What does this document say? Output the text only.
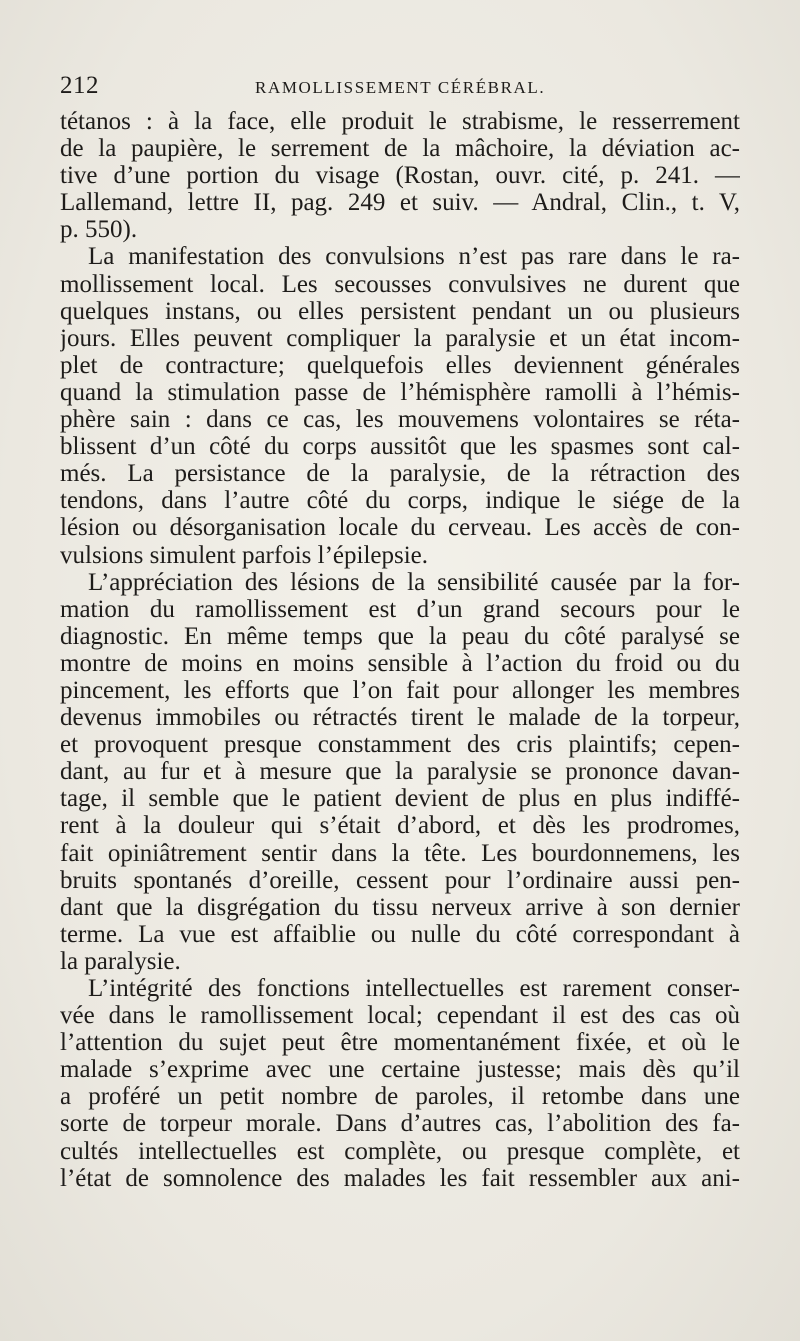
212	RAMOLLISSEMENT CÉRÉBRAL.
tétanos : à la face, elle produit le strabisme, le resserrement
de la paupière, le serrement de la mâchoire, la déviation ac-
tive d’une portion du visage (Rostan, ouvr. cité, p. 241. —
Lallemand, lettre II, pag. 249 et suiv. — Andral, Clin., t. V,
p. 550).
La manifestation des convulsions n’est pas rare dans le ra-
mollissement local. Les secousses convulsives ne durent que
quelques instans, ou elles persistent pendant un ou plusieurs
jours. Elles peuvent compliquer la paralysie et un état incom-
plet de contracture; quelquefois elles deviennent générales
quand la stimulation passe de l’hémisphère ramolli à l’hémis-
phère sain : dans ce cas, les mouvemens volontaires se réta-
blissent d’un côté du corps aussitôt que les spasmes sont cal-
més. La persistance de la paralysie, de la rétraction des
tendons, dans l’autre côté du corps, indique le siége de la
lésion ou désorganisation locale du cerveau. Les accès de con-
vulsions simulent parfois l’épilepsie.
L’appréciation des lésions de la sensibilité causée par la for-
mation du ramollissement est d’un grand secours pour le
diagnostic. En même temps que la peau du côté paralysé se
montre de moins en moins sensible à l’action du froid ou du
pincement, les efforts que l’on fait pour allonger les membres
devenus immobiles ou rétractés tirent le malade de la torpeur,
et provoquent presque constamment des cris plaintifs; cepen-
dant, au fur et à mesure que la paralysie se prononce davan-
tage, il semble que le patient devient de plus en plus indiffé-
rent à la douleur qui s’était d’abord, et dès les prodromes,
fait opiniâtrement sentir dans la tête. Les bourdonnemens, les
bruits spontanés d’oreille, cessent pour l’ordinaire aussi pen-
dant que la disgrégation du tissu nerveux arrive à son dernier
terme. La vue est affaiblie ou nulle du côté correspondant à
la paralysie.
L’intégrité des fonctions intellectuelles est rarement conser-
vée dans le ramollissement local; cependant il est des cas où
l’attention du sujet peut être momentanément fixée, et où le
malade s’exprime avec une certaine justesse; mais dès qu’il
a proféré un petit nombre de paroles, il retombe dans une
sorte de torpeur morale. Dans d’autres cas, l’abolition des fa-
cultés intellectuelles est complète, ou presque complète, et
l’état de somnolence des malades les fait ressembler aux ani-
